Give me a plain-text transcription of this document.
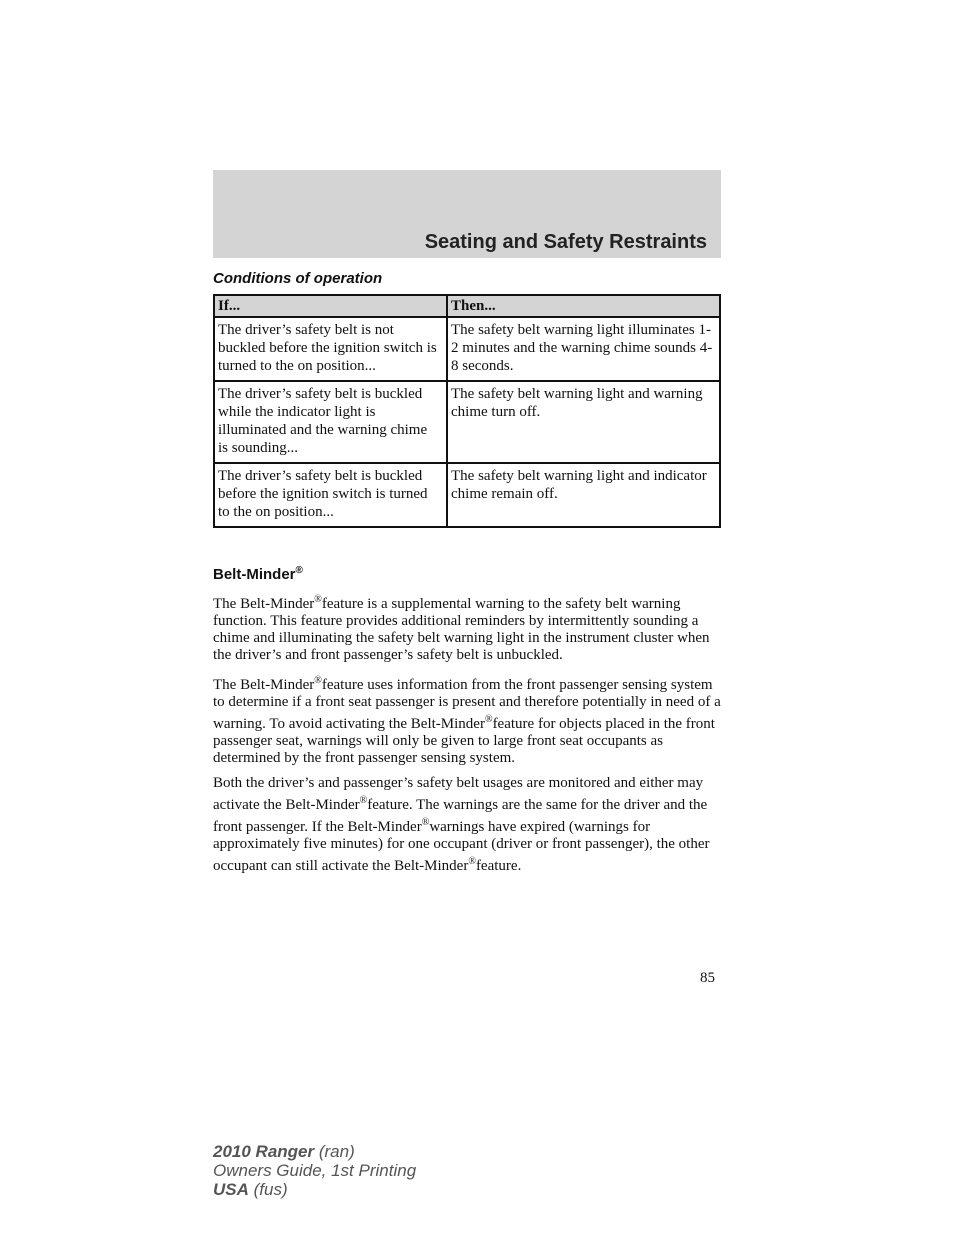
Seating and Safety Restraints
Conditions of operation
If...	Then...
The driver’s safety belt is not buckled before the ignition switch is turned to the on position...	The safety belt warning light illuminates 1-2 minutes and the warning chime sounds 4-8 seconds.
The driver’s safety belt is buckled while the indicator light is illuminated and the warning chime is sounding...	The safety belt warning light and warning chime turn off.
The driver’s safety belt is buckled before the ignition switch is turned to the on position...	The safety belt warning light and indicator chime remain off.
Belt-Minder®

The Belt-Minder®feature is a supplemental warning to the safety belt warning function. This feature provides additional reminders by intermittently sounding a chime and illuminating the safety belt warning light in the instrument cluster when the driver’s and front passenger’s safety belt is unbuckled.

The Belt-Minder®feature uses information from the front passenger sensing system to determine if a front seat passenger is present and therefore potentially in need of a warning. To avoid activating the Belt-Minder®feature for objects placed in the front passenger seat, warnings will only be given to large front seat occupants as determined by the front passenger sensing system.

Both the driver’s and passenger’s safety belt usages are monitored and either may activate the Belt-Minder®feature. The warnings are the same for the driver and the front passenger. If the Belt-Minder®warnings have expired (warnings for approximately five minutes) for one occupant (driver or front passenger), the other occupant can still activate the Belt-Minder®feature.

85

2010 Ranger (ran)
Owners Guide, 1st Printing
USA (fus)
